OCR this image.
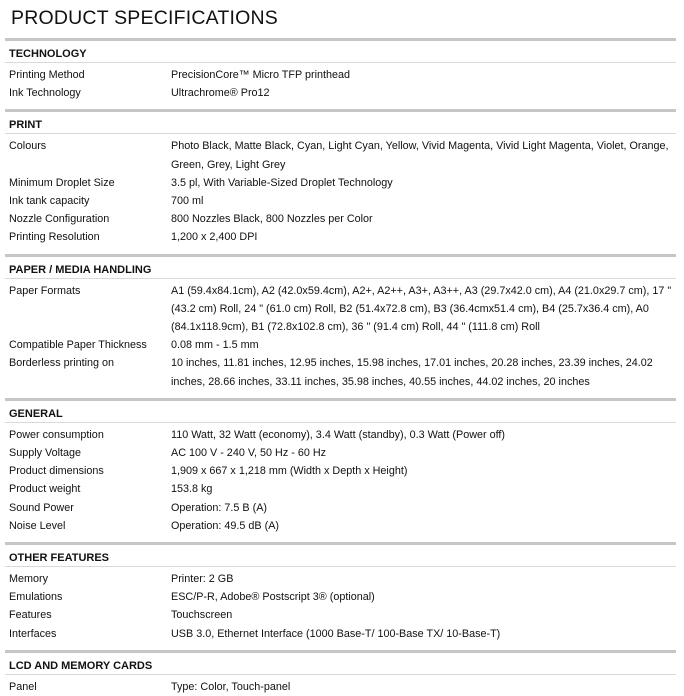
PRODUCT SPECIFICATIONS
TECHNOLOGY
Printing Method	PrecisionCore™ Micro TFP printhead
Ink Technology	Ultrachrome® Pro12
PRINT
Colours	Photo Black, Matte Black, Cyan, Light Cyan, Yellow, Vivid Magenta, Vivid Light Magenta, Violet, Orange, Green, Grey, Light Grey
Minimum Droplet Size	3.5 pl, With Variable-Sized Droplet Technology
Ink tank capacity	700 ml
Nozzle Configuration	800 Nozzles Black, 800 Nozzles per Color
Printing Resolution	1,200 x 2,400 DPI
PAPER / MEDIA HANDLING
Paper Formats	A1 (59.4x84.1cm), A2 (42.0x59.4cm), A2+, A2++, A3+, A3++, A3 (29.7x42.0 cm), A4 (21.0x29.7 cm), 17 " (43.2 cm) Roll, 24 " (61.0 cm) Roll, B2 (51.4x72.8 cm), B3 (36.4cmx51.4 cm), B4 (25.7x36.4 cm), A0 (84.1x118.9cm), B1 (72.8x102.8 cm), 36 " (91.4 cm) Roll, 44 " (111.8 cm) Roll
Compatible Paper Thickness	0.08 mm - 1.5 mm
Borderless printing on	10 inches, 11.81 inches, 12.95 inches, 15.98 inches, 17.01 inches, 20.28 inches, 23.39 inches, 24.02 inches, 28.66 inches, 33.11 inches, 35.98 inches, 40.55 inches, 44.02 inches, 20 inches
GENERAL
Power consumption	110 Watt, 32 Watt (economy), 3.4 Watt (standby), 0.3 Watt (Power off)
Supply Voltage	AC 100 V - 240 V, 50 Hz - 60 Hz
Product dimensions	1,909 x 667 x 1,218 mm (Width x Depth x Height)
Product weight	153.8 kg
Sound Power	Operation: 7.5 B (A)
Noise Level	Operation: 49.5 dB (A)
OTHER FEATURES
Memory	Printer: 2 GB
Emulations	ESC/P-R, Adobe® Postscript 3® (optional)
Features	Touchscreen
Interfaces	USB 3.0, Ethernet Interface (1000 Base-T/ 100-Base TX/ 10-Base-T)
LCD AND MEMORY CARDS
Panel	Type: Color, Touch-panel
